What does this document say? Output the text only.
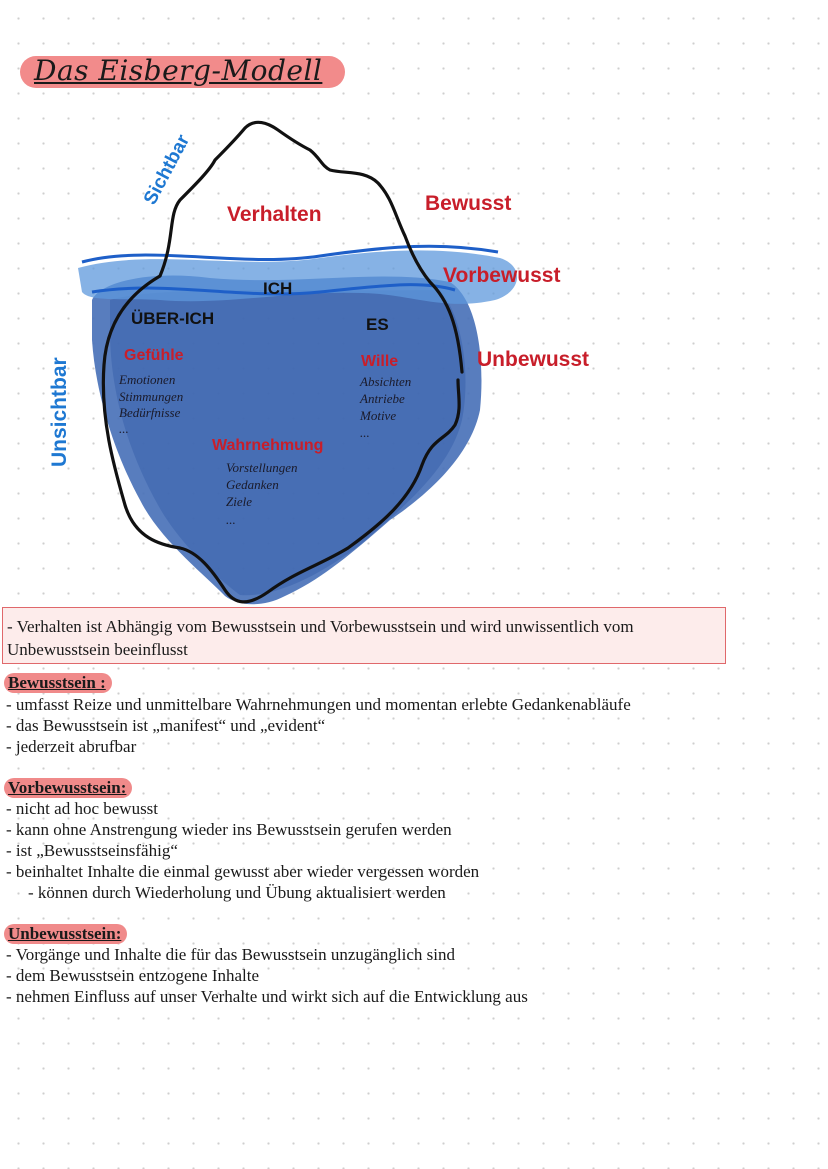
Das Eisberg-Modell
Sichtbar
Unsichtbar
Bewusst
Vorbewusst
Unbewusst
Verhalten
ICH
ÜBER-ICH	ES
Gefühle
Emotionen
Stimmungen
Bedürfnisse
...
Wille
Absichten
Antriebe
Motive
...
Wahrnehmung
Vorstellungen
Gedanken
Ziele
...
- Verhalten ist Abhängig vom Bewusstsein und Vorbewusstsein und wird unwissentlich vom Unbewusstsein beeinflusst
Bewusstsein :
- umfasst Reize und unmittelbare Wahrnehmungen und momentan erlebte Gedankenabläufe
- das Bewusstsein ist „manifest“ und „evident“
- jederzeit abrufbar
Vorbewusstsein:
- nicht ad hoc bewusst
- kann ohne Anstrengung wieder ins Bewusstsein gerufen werden
- ist „Bewusstseinsfähig“
- beinhaltet Inhalte die einmal gewusst aber wieder vergessen worden
- können durch Wiederholung und Übung aktualisiert werden
Unbewusstsein:
- Vorgänge und Inhalte die für das Bewusstsein unzugänglich sind
- dem Bewusstsein entzogene Inhalte
- nehmen Einfluss auf unser Verhalte und wirkt sich auf die Entwicklung aus
